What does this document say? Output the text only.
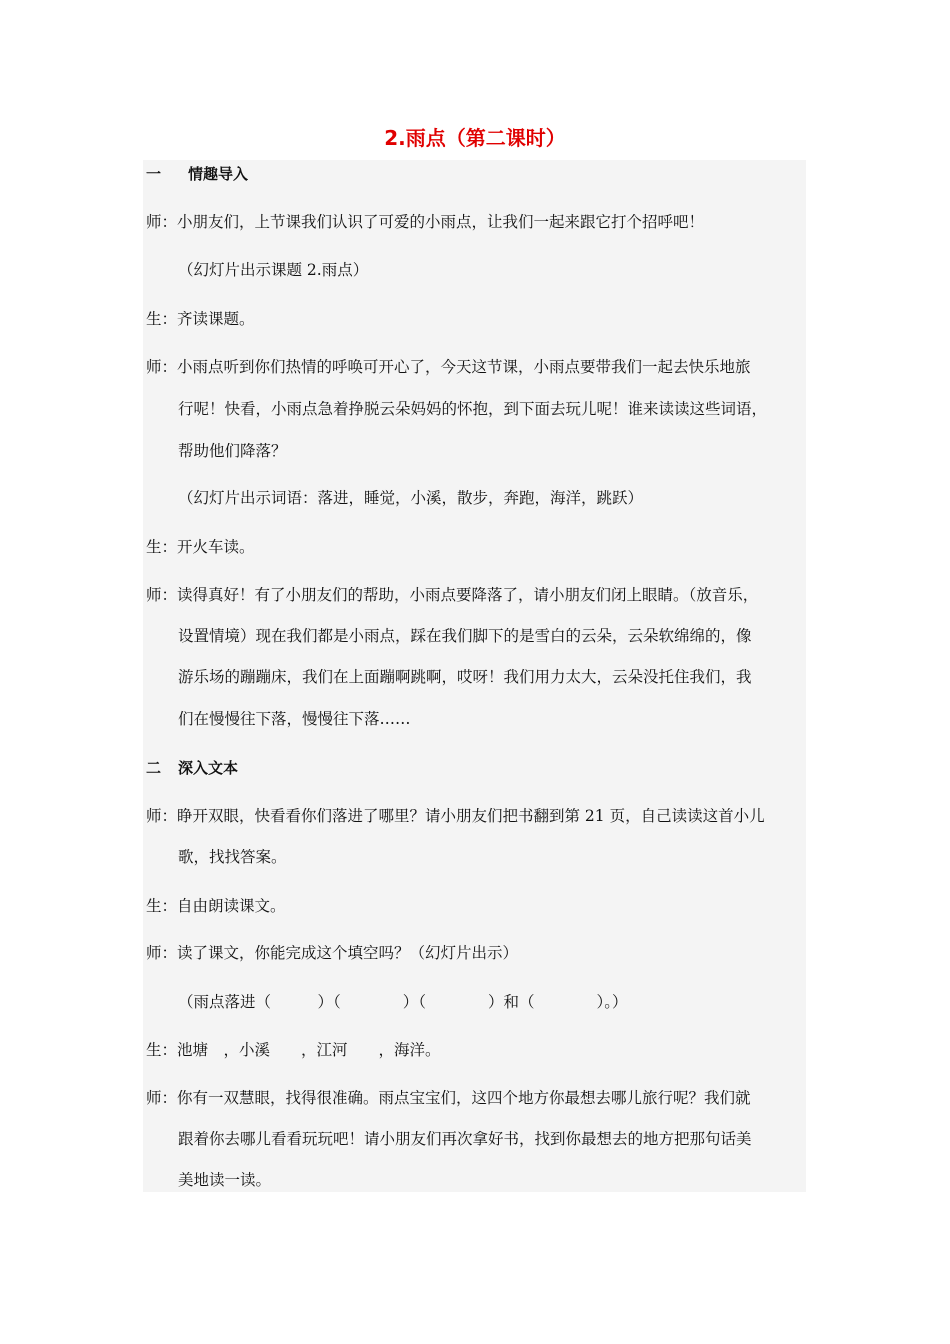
2.雨点（第二课时）
一 情趣导入
师：小朋友们，上节课我们认识了可爱的小雨点，让我们一起来跟它打个招呼吧！
（幻灯片出示课题 2.雨点）
生：齐读课题。
师：小雨点听到你们热情的呼唤可开心了，今天这节课，小雨点要带我们一起去快乐地旅
行呢！快看，小雨点急着挣脱云朵妈妈的怀抱，到下面去玩儿呢！谁来读读这些词语，
帮助他们降落？
（幻灯片出示词语：落进，睡觉，小溪，散步，奔跑，海洋，跳跃）
生：开火车读。
师：读得真好！有了小朋友们的帮助，小雨点要降落了，请小朋友们闭上眼睛。（放音乐，
设置情境）现在我们都是小雨点，踩在我们脚下的是雪白的云朵，云朵软绵绵的，像
游乐场的蹦蹦床，我们在上面蹦啊跳啊，哎呀！我们用力太大，云朵没托住我们，我
们在慢慢往下落，慢慢往下落……
二 深入文本
师：睁开双眼，快看看你们落进了哪里？请小朋友们把书翻到第 21 页，自己读读这首小儿
歌，找找答案。
生：自由朗读课文。
师：读了课文，你能完成这个填空吗？（幻灯片出示）
（雨点落进（　　　）（　　　　）（　　　　）和（　　　　）。）
生：池塘　，小溪　　，江河　　，海洋。
师：你有一双慧眼，找得很准确。雨点宝宝们，这四个地方你最想去哪儿旅行呢？我们就
跟着你去哪儿看看玩玩吧！请小朋友们再次拿好书，找到你最想去的地方把那句话美
美地读一读。
